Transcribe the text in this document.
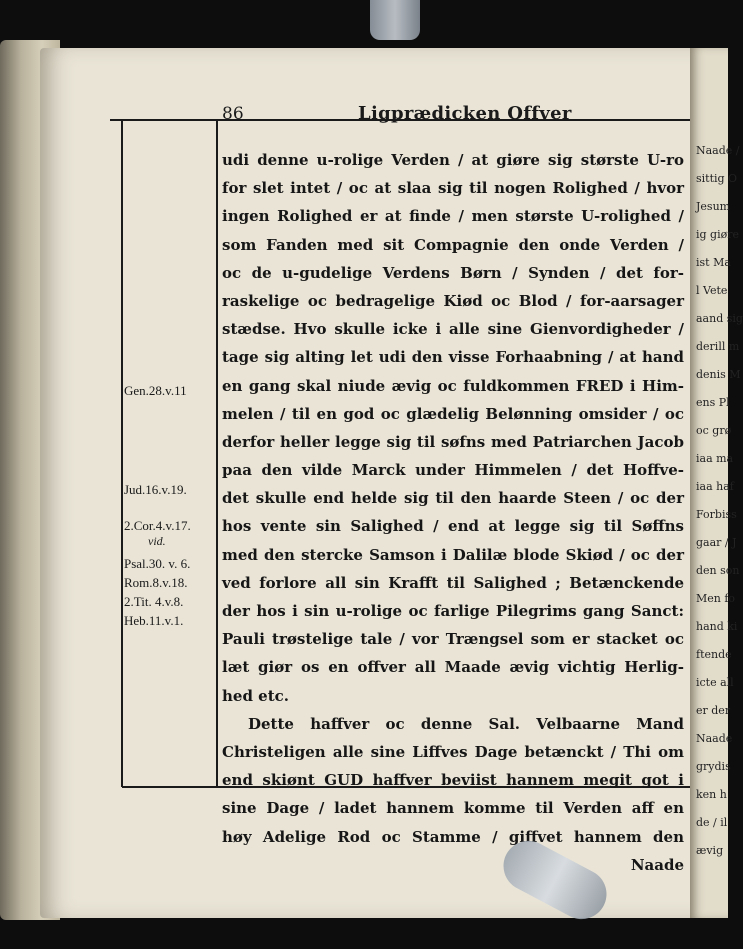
Naade /
sittig O
Jesum
ig giøre
ist Ma
l Vete
aand sig
derill m
denis M
ens Pl
oc grø
iaa ma
iaa haf
Forbiss
gaar / J
den son
Men fo
hand ki
ftende
icte all
er der
Naade
grydis
ken h
de / il
ævig
86	Ligprædicken Offver
Gen.28.v.11
Jud.16.v.19.
2.Cor.4.v.17.
vid.
Psal.30. v. 6.
Rom.8.v.18.
2.Tit. 4.v.8.
Heb.11.v.1.
udi denne u-rolige Verden / at giøre sig største U-ro
for slet intet / oc at slaa sig til nogen Rolighed / hvor
ingen Rolighed er at finde / men største U-rolighed /
som Fanden med sit Compagnie den onde Verden /
oc de u-gudelige Verdens Børn / Synden / det for-
raskelige oc bedragelige Kiød oc Blod / for-aarsager
stædse. Hvo skulle icke i alle sine Gienvordigheder /
tage sig alting let udi den visse Forhaabning / at hand
en gang skal niude ævig oc fuldkommen FRED i Him-
melen / til en god oc glædelig Belønning omsider / oc
derfor heller legge sig til søfns med Patriarchen Jacob
paa den vilde Marck under Himmelen / det Hoffve-
det skulle end helde sig til den haarde Steen / oc der
hos vente sin Salighed / end at legge sig til Søffns
med den stercke Samson i Dalilæ blode Skiød / oc der
ved forlore all sin Krafft til Salighed ; Betænckende
der hos i sin u-rolige oc farlige Pilegrims gang Sanct:
Pauli trøstelige tale / vor Trængsel som er stacket oc
læt giør os en offver all Maade ævig vichtig Herlig-
hed etc.
Dette haffver oc denne Sal. Velbaarne Mand
Christeligen alle sine Liffves Dage betænckt / Thi om
end skiønt GUD haffver beviist hannem megit got i
sine Dage / ladet hannem komme til Verden aff en
høy Adelige Rod oc Stamme / giffvet hannem den
Naade
